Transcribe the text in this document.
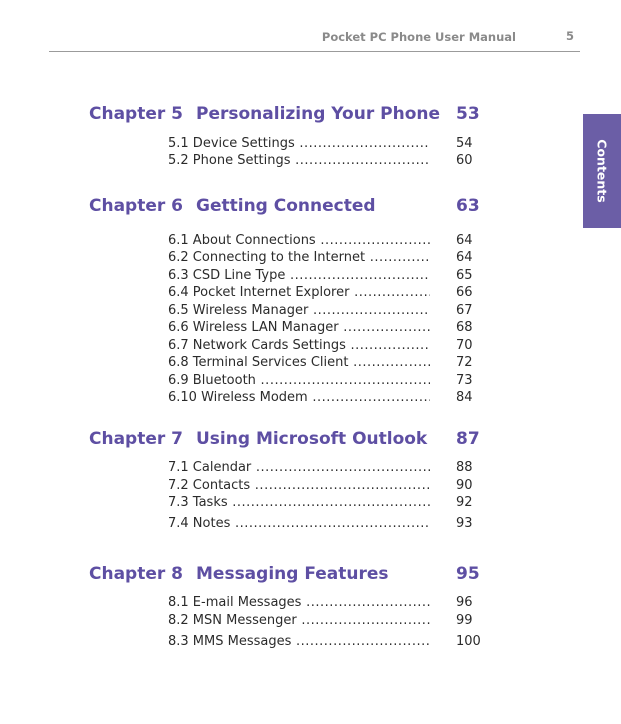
Pocket PC Phone User Manual	5
Contents
Chapter 5 Personalizing Your Phone 53
5.1 Device Settings .....	54
5.2 Phone Settings .....	60
Chapter 6 Getting Connected	63
6.1 About Connections .....	64
6.2 Connecting to the Internet .....	64
6.3 CSD Line Type .....	65
6.4 Pocket Internet Explorer .....	66
6.5 Wireless Manager .....	67
6.6 Wireless LAN Manager .....	68
6.7 Network Cards Settings .....	70
6.8 Terminal Services Client .....	72
6.9 Bluetooth .....	73
6.10 Wireless Modem .....	84
Chapter 7 Using Microsoft Outlook 87
7.1 Calendar .....	88
7.2 Contacts .....	90
7.3 Tasks .....	92
7.4 Notes .....	93
Chapter 8 Messaging Features	95
8.1 E-mail Messages .....	96
8.2 MSN Messenger .....	99
8.3 MMS Messages .....	100
